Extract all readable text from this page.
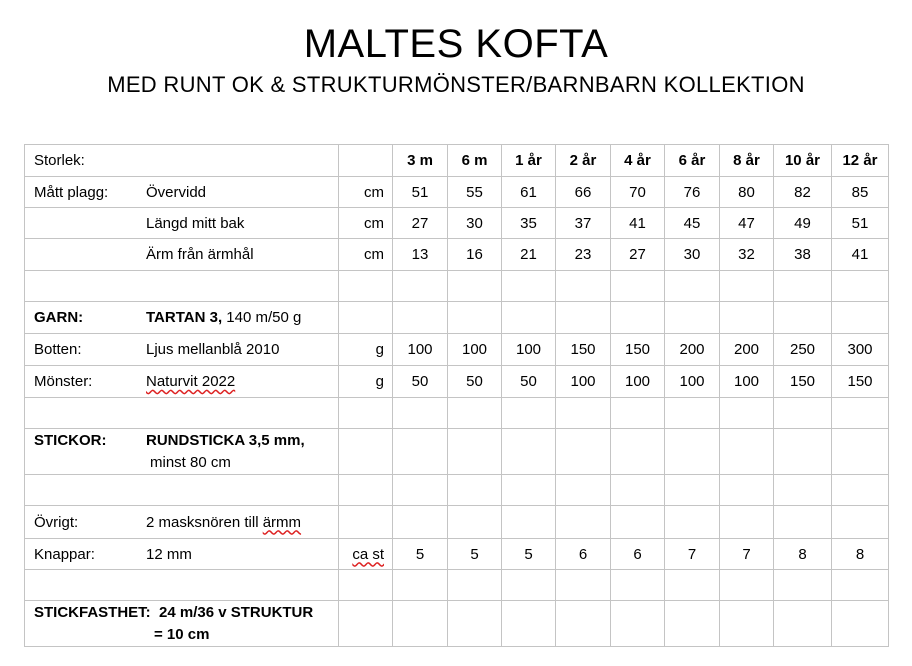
MALTES KOFTA
MED RUNT OK & STRUKTURMÖNSTER/BARNBARN KOLLEKTION
Storlek:		3 m	6 m	1 år	2 år	4 år	6 år	8 år	10 år	12 år
Mått plagg: Övervidd	cm	51	55	61	66	70	76	80	82	85
Längd mitt bak	cm	27	30	35	37	41	45	47	49	51
Ärm från ärmhål	cm	13	16	21	23	27	30	32	38	41

GARN: TARTAN 3, 140 m/50 g										
Botten: Ljus mellanblå 2010	g	100	100	100	150	150	200	200	250	300
Mönster: Naturvit 2022	g	50	50	50	100	100	100	100	150	150

STICKOR: RUNDSTICKA 3,5 mm,
minst 80 cm										

Övrigt: 2 masksnören till ärmm										
Knappar: 12 mm	ca st	5	5	5	6	6	7	7	8	8

STICKFASTHET: 24 m/36 v STRUKTUR
= 10 cm										
